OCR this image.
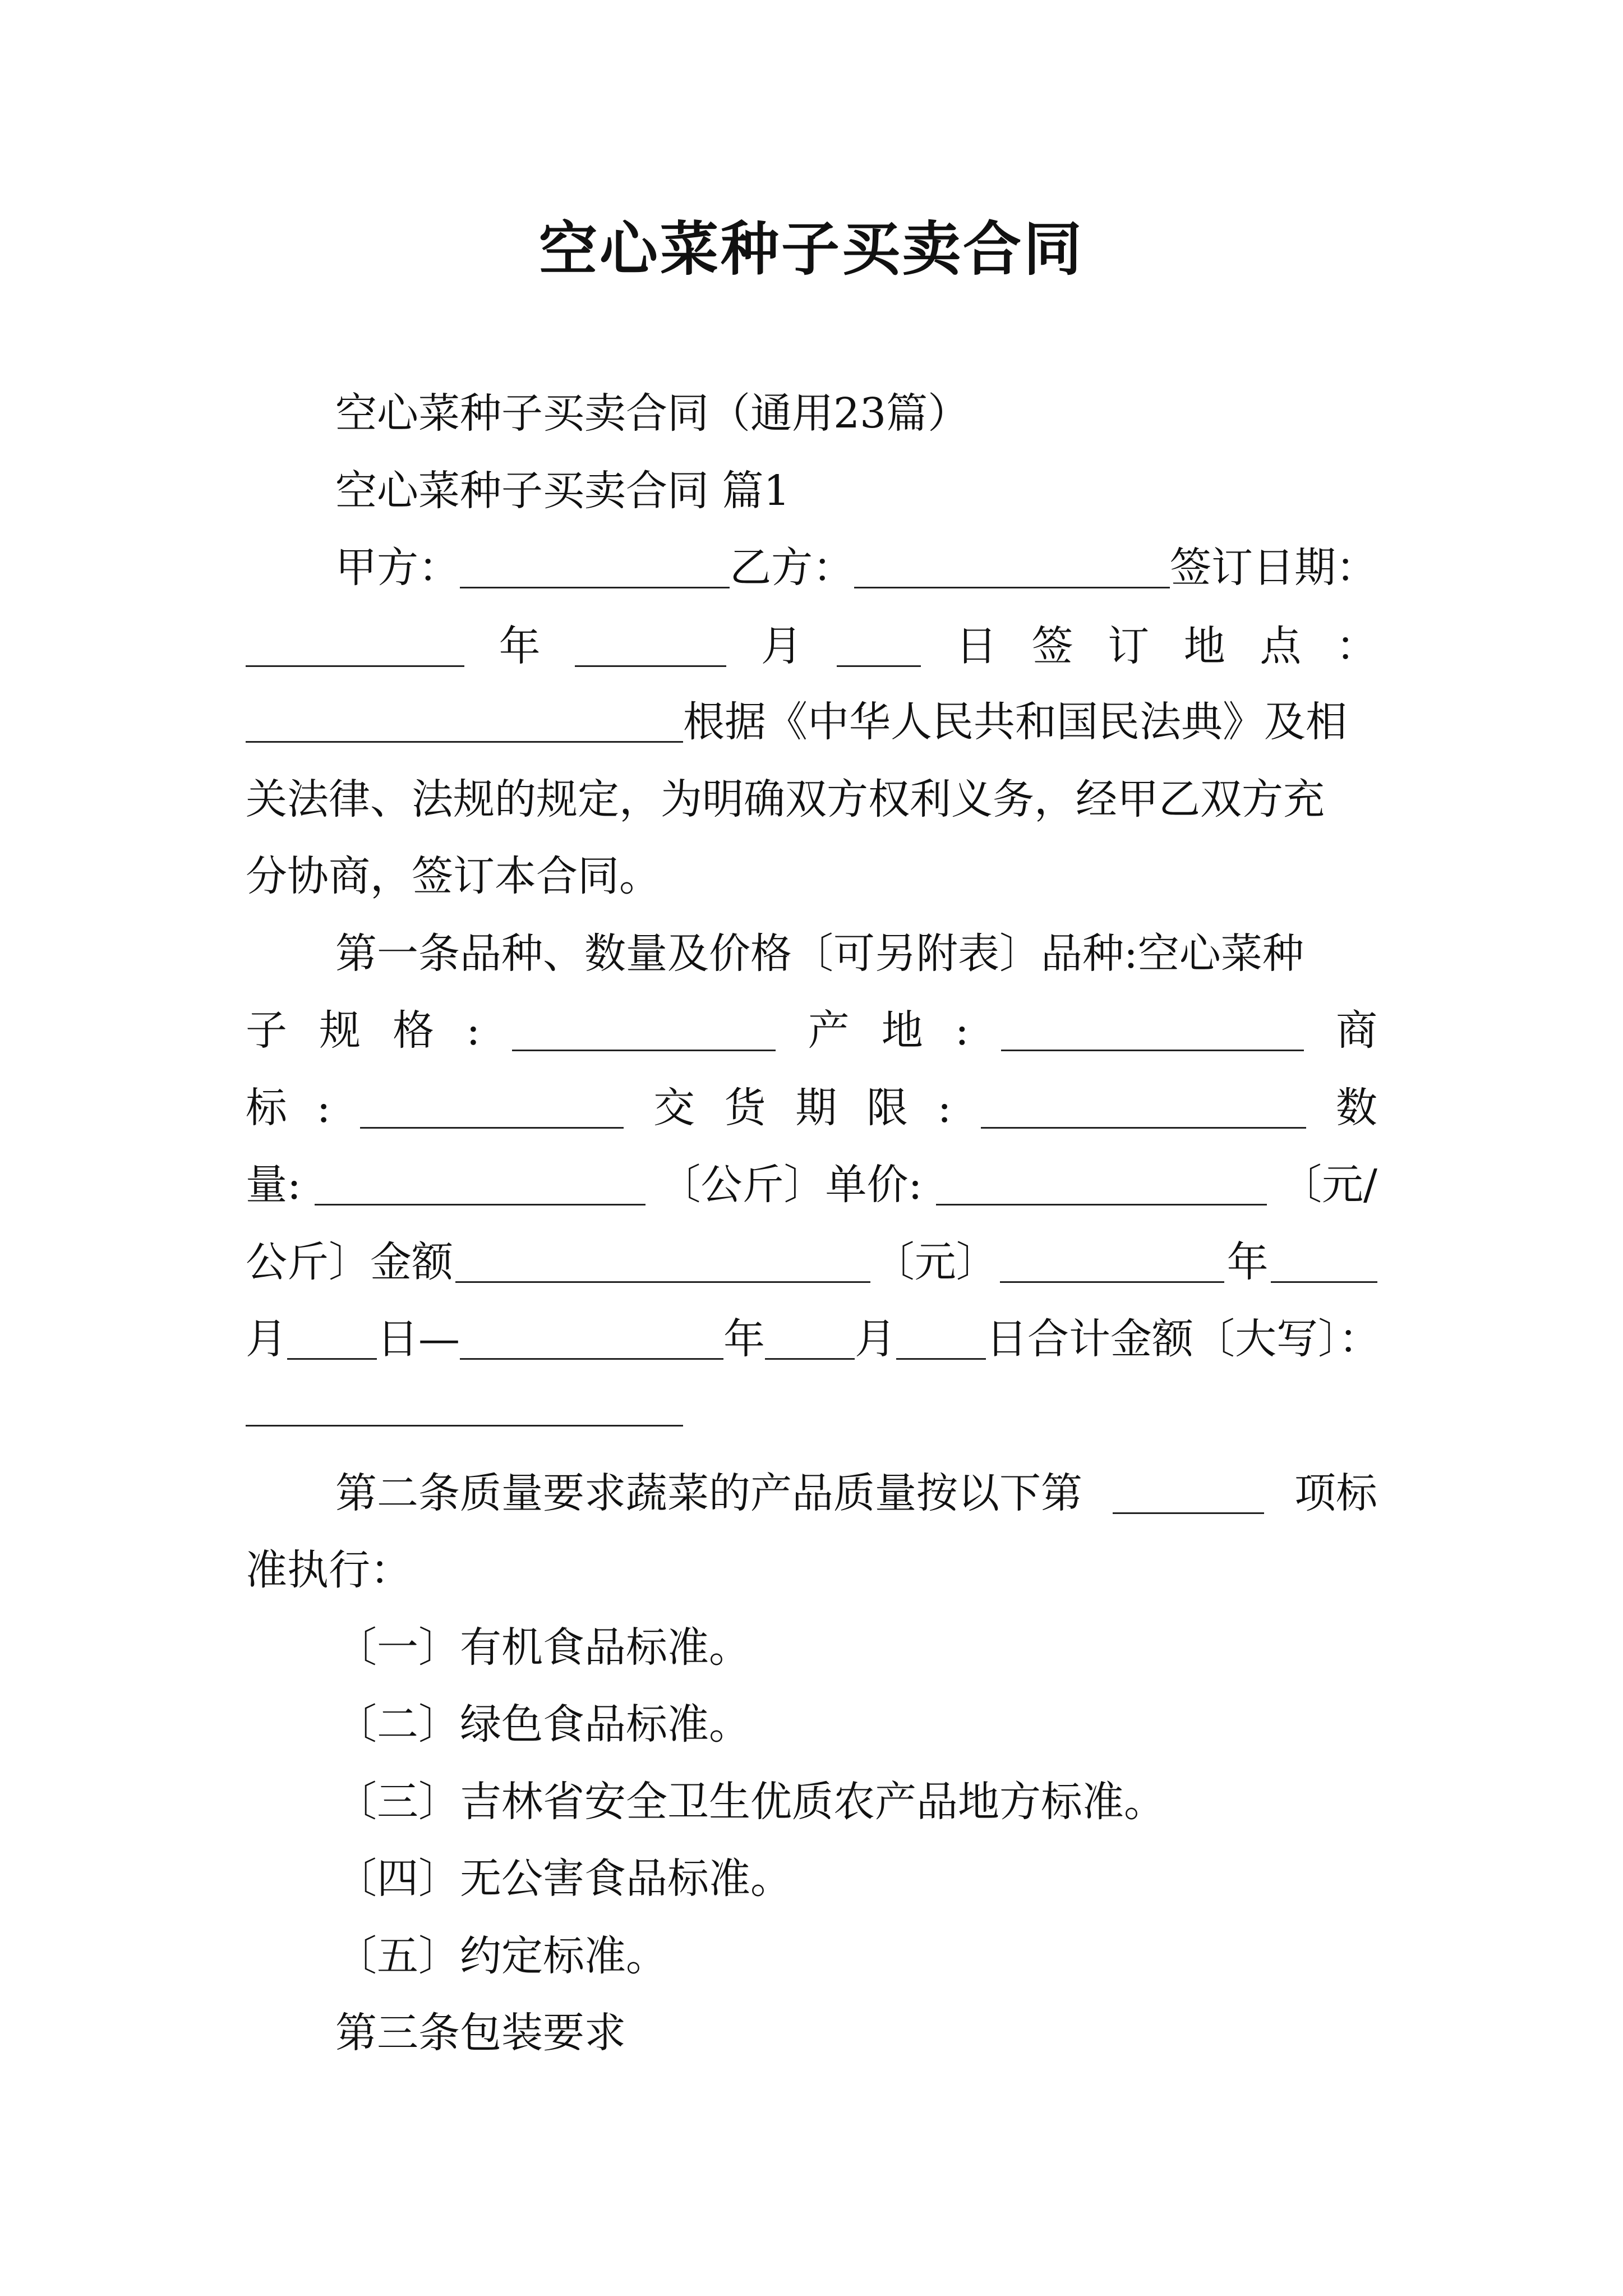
空心菜种子买卖合同
空心菜种子买卖合同（通用23篇）
空心菜种子买卖合同 篇1
甲方：	乙方：	签订日期：
年	月	日 签 订 地 点 ：
根据《中华人民共和国民法典》及相
关法律、法规的规定，为明确双方权利义务，经甲乙双方充
分协商，签订本合同。
第一条品种、数量及价格〔可另附表〕品种:空心菜种
子 规 格 :	产 地 :	商
标 :	交 货 期 限 :	数
量:	〔公斤〕单价:	〔元/
公斤〕金额	〔元〕	年
月 日—	年 月 日合计金额〔大写〕：
第二条质量要求蔬菜的产品质量按以下第	项标
准执行：
〔一〕有机食品标准。
〔二〕绿色食品标准。
〔三〕吉林省安全卫生优质农产品地方标准。
〔四〕无公害食品标准。
〔五〕约定标准。
第三条包装要求
